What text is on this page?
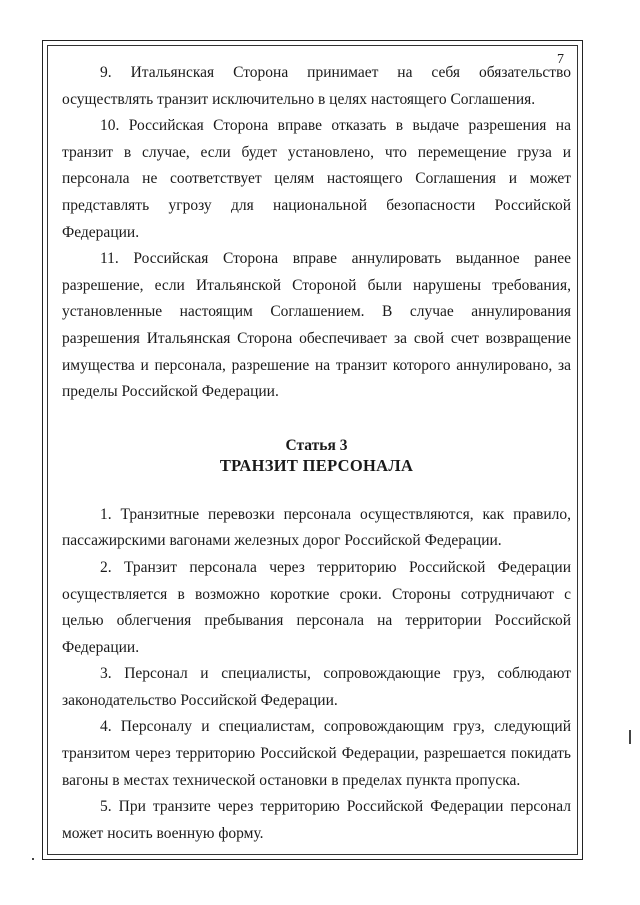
7

9. Итальянская Сторона принимает на себя обязательство осуществлять транзит исключительно в целях настоящего Соглашения.

10. Российская Сторона вправе отказать в выдаче разрешения на транзит в случае, если будет установлено, что перемещение груза и персонала не соответствует целям настоящего Соглашения и может представлять угрозу для национальной безопасности Российской Федерации.

11. Российская Сторона вправе аннулировать выданное ранее разрешение, если Итальянской Стороной были нарушены требования, установленные настоящим Соглашением. В случае аннулирования разрешения Итальянская Сторона обеспечивает за свой счет возвращение имущества и персонала, разрешение на транзит которого аннулировано, за пределы Российской Федерации.

Статья 3
ТРАНЗИТ ПЕРСОНАЛА

1. Транзитные перевозки персонала осуществляются, как правило, пассажирскими вагонами железных дорог Российской Федерации.

2. Транзит персонала через территорию Российской Федерации осуществляется в возможно короткие сроки. Стороны сотрудничают с целью облегчения пребывания персонала на территории Российской Федерации.

3. Персонал и специалисты, сопровождающие груз, соблюдают законодательство Российской Федерации.

4. Персоналу и специалистам, сопровождающим груз, следующий транзитом через территорию Российской Федерации, разрешается покидать вагоны в местах технической остановки в пределах пункта пропуска.

5. При транзите через территорию Российской Федерации персонал может носить военную форму.
